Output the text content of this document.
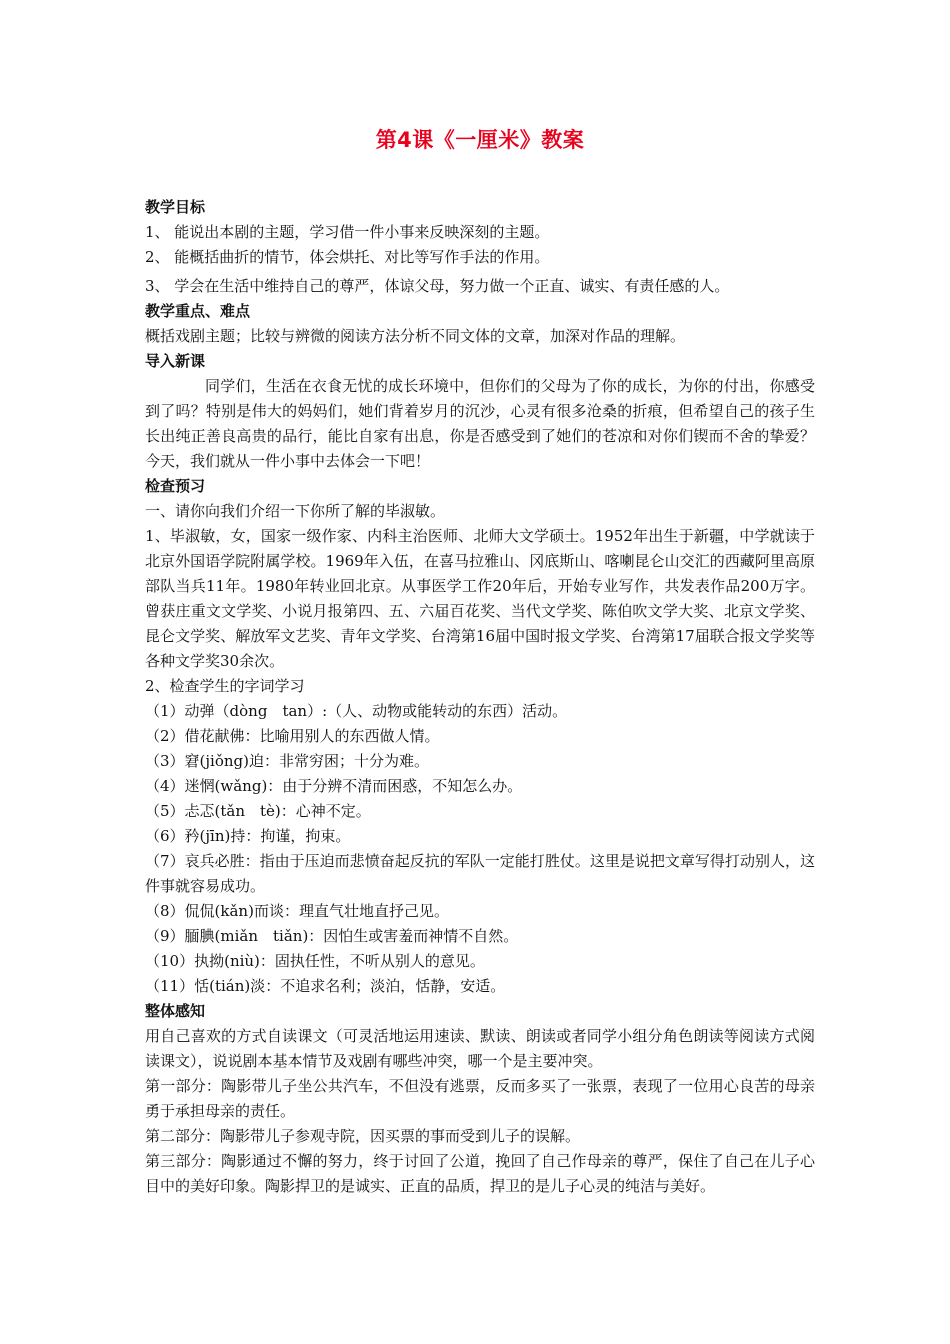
第4课《一厘米》教案

教学目标

1、 能说出本剧的主题，学习借一件小事来反映深刻的主题。

2、 能概括曲折的情节，体会烘托、对比等写作手法的作用。

3、 学会在生活中维持自己的尊严，体谅父母，努力做一个正直、诚实、有责任感的人。

教学重点、难点

概括戏剧主题；比较与辨微的阅读方法分析不同文体的文章，加深对作品的理解。

导入新课

同学们，生活在衣食无忧的成长环境中，但你们的父母为了你的成长，为你的付出，你感受到了吗？特别是伟大的妈妈们，她们背着岁月的沉沙，心灵有很多沧桑的折痕，但希望自己的孩子生长出纯正善良高贵的品行，能比自家有出息，你是否感受到了她们的苍凉和对你们锲而不舍的挚爱？今天，我们就从一件小事中去体会一下吧！

检查预习

一、请你向我们介绍一下你所了解的毕淑敏。

1、毕淑敏，女，国家一级作家、内科主治医师、北师大文学硕士。1952年出生于新疆，中学就读于北京外国语学院附属学校。1969年入伍，在喜马拉雅山、冈底斯山、喀喇昆仑山交汇的西藏阿里高原部队当兵11年。1980年转业回北京。从事医学工作20年后，开始专业写作，共发表作品200万字。曾获庄重文文学奖、小说月报第四、五、六届百花奖、当代文学奖、陈伯吹文学大奖、北京文学奖、昆仑文学奖、解放军文艺奖、青年文学奖、台湾第16届中国时报文学奖、台湾第17届联合报文学奖等各种文学奖30余次。

2、检查学生的字词学习

（1）动弹（dòng　tan）:（人、动物或能转动的东西）活动。

（2）借花献佛：比喻用别人的东西做人情。

（3）窘(jiǒng)迫：非常穷困；十分为难。

（4）迷惘(wǎng)：由于分辨不清而困惑，不知怎么办。

（5）忐忑(tǎn　tè)：心神不定。

（6）矜(jīn)持：拘谨，拘束。

（7）哀兵必胜：指由于压迫而悲愤奋起反抗的军队一定能打胜仗。这里是说把文章写得打动别人，这件事就容易成功。

（8）侃侃(kǎn)而谈：理直气壮地直抒己见。

（9）腼腆(miǎn　tiǎn)：因怕生或害羞而神情不自然。

（10）执拗(niù)：固执任性，不听从别人的意见。

（11）恬(tián)淡：不追求名利；淡泊，恬静，安适。

整体感知

用自己喜欢的方式自读课文（可灵活地运用速读、默读、朗读或者同学小组分角色朗读等阅读方式阅读课文），说说剧本基本情节及戏剧有哪些冲突，哪一个是主要冲突。

第一部分：陶影带儿子坐公共汽车，不但没有逃票，反而多买了一张票，表现了一位用心良苦的母亲勇于承担母亲的责任。

第二部分：陶影带儿子参观寺院，因买票的事而受到儿子的误解。

第三部分：陶影通过不懈的努力，终于讨回了公道，挽回了自己作母亲的尊严，保住了自己在儿子心目中的美好印象。陶影捍卫的是诚实、正直的品质，捍卫的是儿子心灵的纯洁与美好。
